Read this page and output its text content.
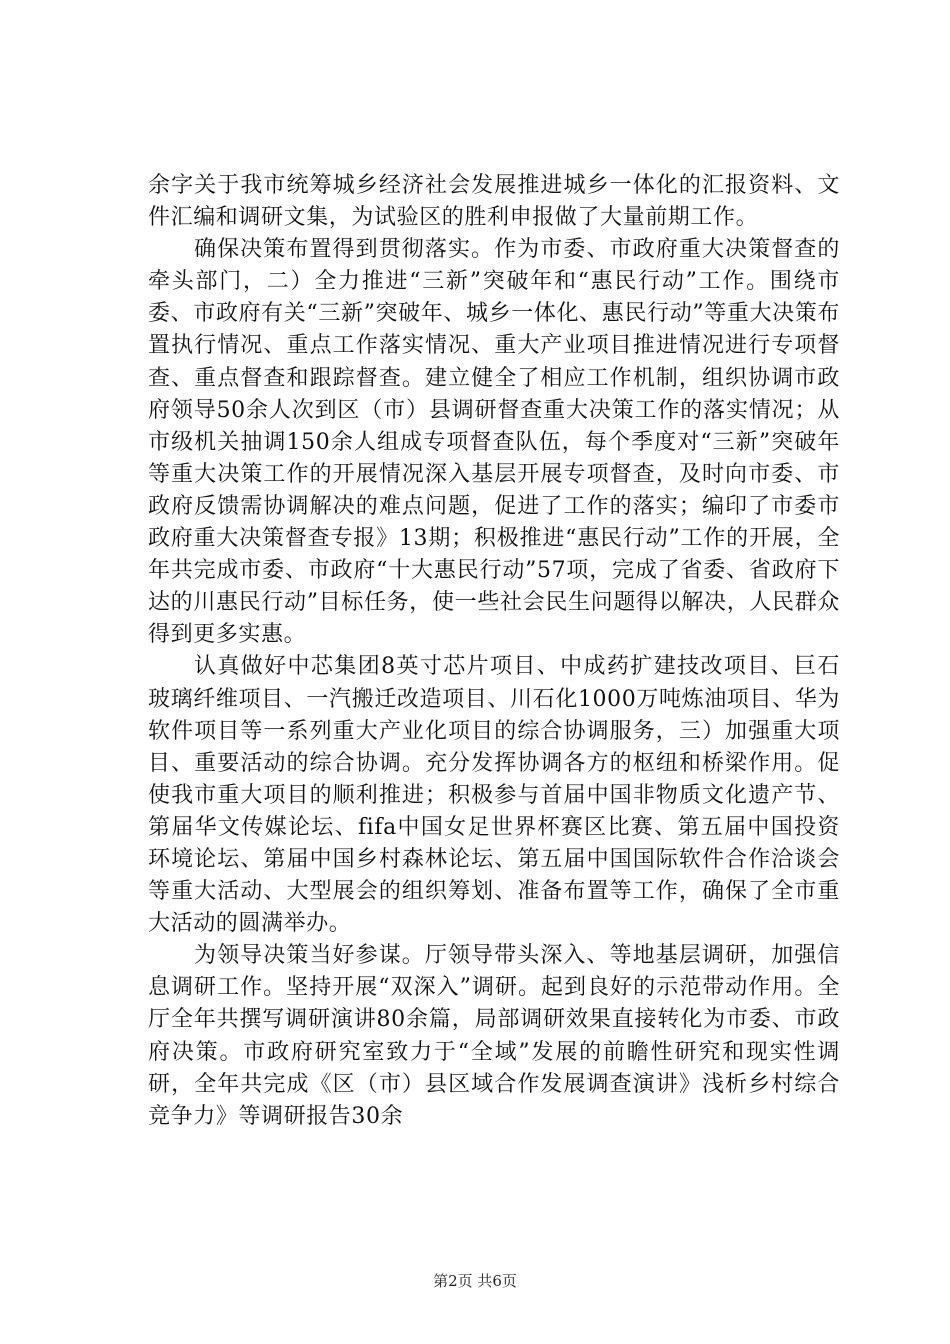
余字关于我市统筹城乡经济社会发展推进城乡一体化的汇报资料、文件汇编和调研文集，为试验区的胜利申报做了大量前期工作。

确保决策布置得到贯彻落实。作为市委、市政府重大决策督查的牵头部门，二）全力推进“三新”突破年和“惠民行动”工作。围绕市委、市政府有关“三新”突破年、城乡一体化、惠民行动”等重大决策布置执行情况、重点工作落实情况、重大产业项目推进情况进行专项督查、重点督查和跟踪督查。建立健全了相应工作机制，组织协调市政府领导50余人次到区（市）县调研督查重大决策工作的落实情况；从市级机关抽调150余人组成专项督查队伍，每个季度对“三新”突破年等重大决策工作的开展情况深入基层开展专项督查，及时向市委、市政府反馈需协调解决的难点问题，促进了工作的落实；编印了市委市政府重大决策督查专报》13期；积极推进“惠民行动”工作的开展，全年共完成市委、市政府“十大惠民行动”57项，完成了省委、省政府下达的川惠民行动”目标任务，使一些社会民生问题得以解决，人民群众得到更多实惠。

认真做好中芯集团8英寸芯片项目、中成药扩建技改项目、巨石玻璃纤维项目、一汽搬迁改造项目、川石化1000万吨炼油项目、华为软件项目等一系列重大产业化项目的综合协调服务，三）加强重大项目、重要活动的综合协调。充分发挥协调各方的枢纽和桥梁作用。促使我市重大项目的顺利推进；积极参与首届中国非物质文化遗产节、第届华文传媒论坛、fifa中国女足世界杯赛区比赛、第五届中国投资环境论坛、第届中国乡村森林论坛、第五届中国国际软件合作洽谈会等重大活动、大型展会的组织筹划、准备布置等工作，确保了全市重大活动的圆满举办。

为领导决策当好参谋。厅领导带头深入、等地基层调研，加强信息调研工作。坚持开展“双深入”调研。起到良好的示范带动作用。全厅全年共撰写调研演讲80余篇，局部调研效果直接转化为市委、市政府决策。市政府研究室致力于“全域”发展的前瞻性研究和现实性调研，全年共完成《区（市）县区域合作发展调查演讲》浅析乡村综合竞争力》等调研报告30余

第2页 共6页
